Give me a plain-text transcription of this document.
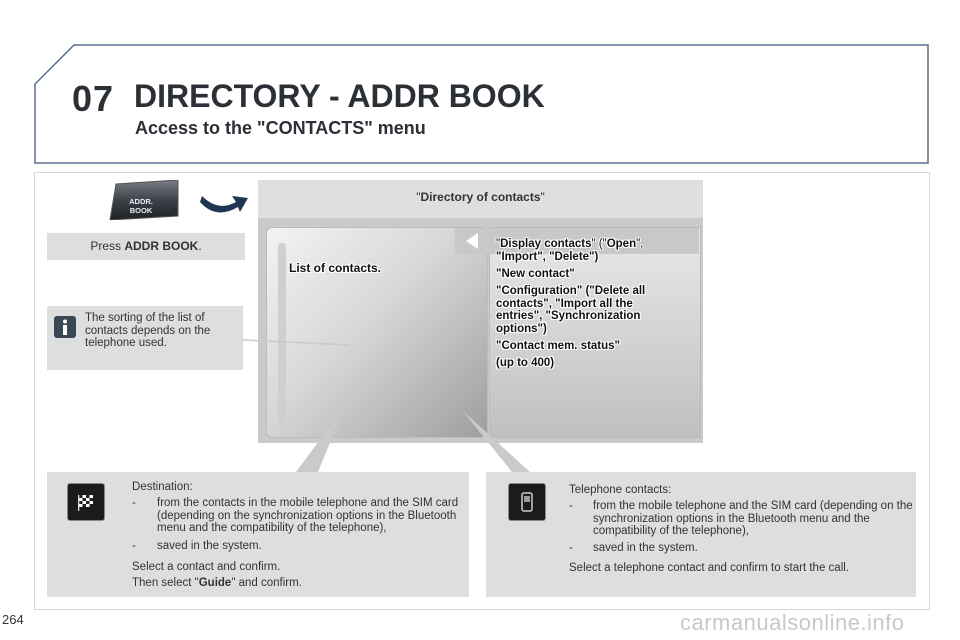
07 DIRECTORY - ADDR BOOK
Access to the "CONTACTS" menu
ADDR.
BOOK
Press ADDR BOOK.
The sorting of the list of contacts depends on the telephone used.
"Directory of contacts"
List of contacts.
"Display contacts" ("Open",
"Import", "Delete")
"New contact"
"Configuration" ("Delete all contacts", "Import all the entries", "Synchronization options")
"Contact mem. status"
(up to 400)
Destination:
- from the contacts in the mobile telephone and the SIM card (depending on the synchronization options in the Bluetooth menu and the compatibility of the telephone),
- saved in the system.
Select a contact and confirm.
Then select "Guide" and confirm.
Telephone contacts:
- from the mobile telephone and the SIM card (depending on the synchronization options in the Bluetooth menu and the compatibility of the telephone),
- saved in the system.
Select a telephone contact and confirm to start the call.
264	carmanualsonline.info
